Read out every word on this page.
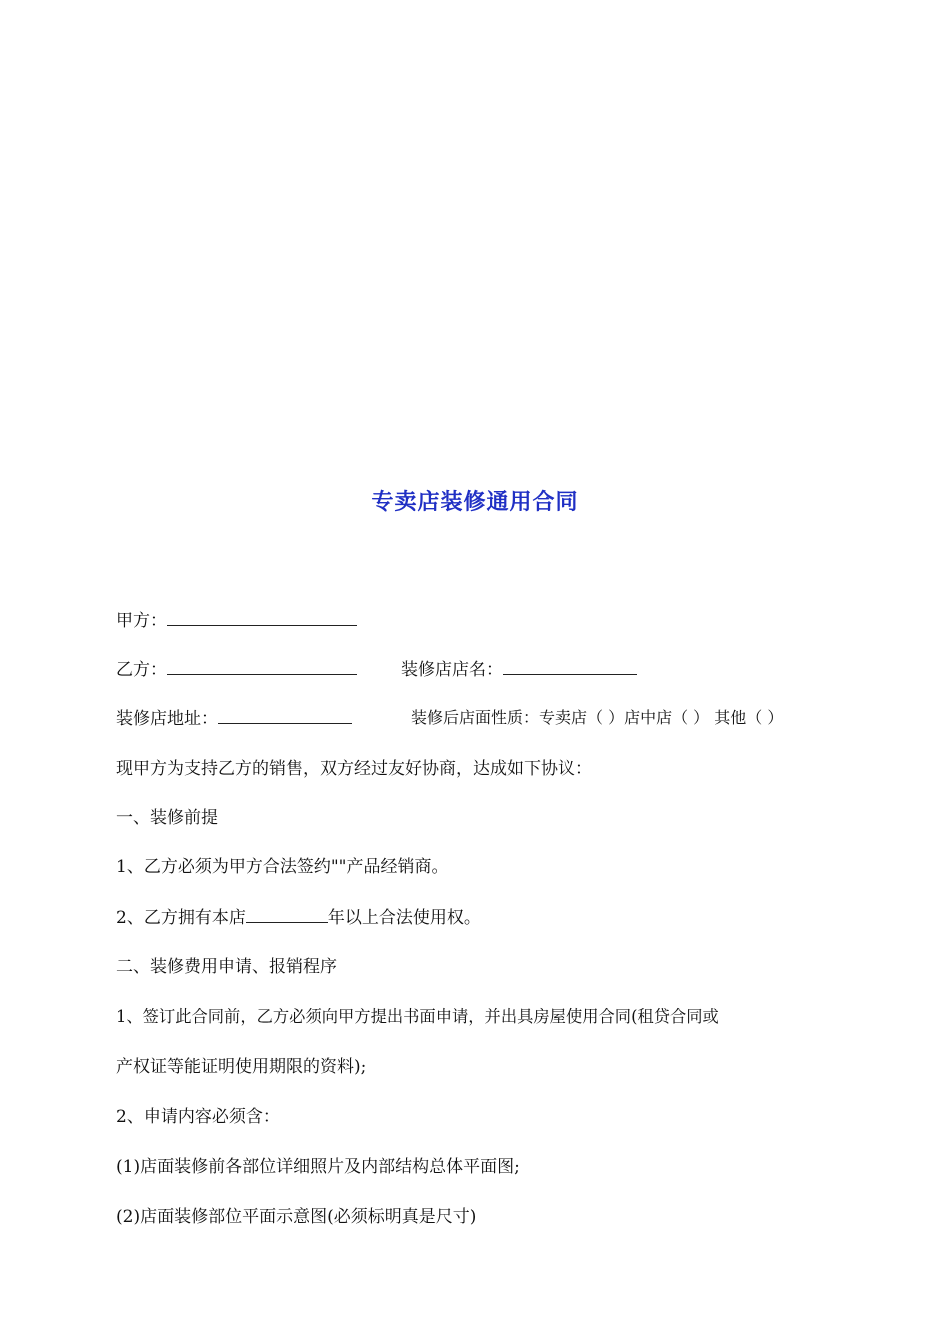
专卖店装修通用合同
甲方：
乙方：	装修店店名：
装修店地址：	装修后店面性质：专卖店（ ）店中店（ ） 其他（ ）
现甲方为支持乙方的销售，双方经过友好协商，达成如下协议：
一、装修前提
1、乙方必须为甲方合法签约""产品经销商。
2、乙方拥有本店	年以上合法使用权。
二、装修费用申请、报销程序
1、签订此合同前，乙方必须向甲方提出书面申请，并出具房屋使用合同(租贷合同或
产权证等能证明使用期限的资料);
2、申请内容必须含：
(1)店面装修前各部位详细照片及内部结构总体平面图;
(2)店面装修部位平面示意图(必须标明真是尺寸)
